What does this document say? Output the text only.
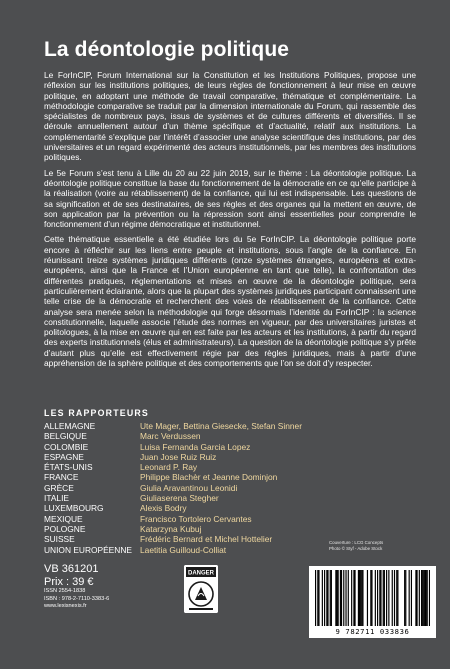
La déontologie politique

Le ForInCIP, Forum International sur la Constitution et les Institutions Politiques, propose une réflexion sur les institutions politiques, de leurs règles de fonctionnement à leur mise en œuvre politique, en adoptant une méthode de travail comparative, thématique et complémentaire. La méthodologie comparative se traduit par la dimension internationale du Forum, qui rassemble des spécialistes de nombreux pays, issus de systèmes et de cultures différents et diversifiés. Il se déroule annuellement autour d’un thème spécifique et d’actualité, relatif aux institutions. La complémentarité s’explique par l’intérêt d’associer une analyse scientifique des institutions, par des universitaires et un regard expérimenté des acteurs institutionnels, par les membres des institutions politiques.

Le 5e Forum s’est tenu à Lille du 20 au 22 juin 2019, sur le thème : La déontologie politique. La déontologie politique constitue la base du fonctionnement de la démocratie en ce qu’elle participe à la réalisation (voire au rétablissement) de la confiance, qui lui est indispensable. Les questions de sa signification et de ses destinataires, de ses règles et des organes qui la mettent en œuvre, de son application par la prévention ou la répression sont ainsi essentielles pour comprendre le fonctionnement d’un régime démocratique et institutionnel.

Cette thématique essentielle a été étudiée lors du 5e ForInCIP. La déontologie politique porte encore à réfléchir sur les liens entre peuple et institutions, sous l’angle de la confiance. En réunissant treize systèmes juridiques différents (onze systèmes étrangers, européens et extra-européens, ainsi que la France et l’Union européenne en tant que telle), la confrontation des différentes pratiques, réglementations et mises en œuvre de la déontologie politique, sera particulièrement éclairante, alors que la plupart des systèmes juridiques participant connaissent une telle crise de la démocratie et recherchent des voies de rétablissement de la confiance. Cette analyse sera menée selon la méthodologie qui forge désormais l’identité du ForInCIP : la science constitutionnelle, laquelle associe l’étude des normes en vigueur, par des universitaires juristes et politologues, à la mise en œuvre qui en est faite par les acteurs et les institutions, à partir du regard des experts institutionnels (élus et administrateurs). La question de la déontologie politique s’y prête d’autant plus qu’elle est effectivement régie par des règles juridiques, mais à partir d’une appréhension de la sphère politique et des comportements que l’on se doit d’y respecter.

LES RAPPORTEURS
ALLEMAGNE	Ute Mager, Bettina Giesecke, Stefan Sinner
BELGIQUE	Marc Verdussen
COLOMBIE	Luisa Fernanda Garcia Lopez
ESPAGNE	Juan Jose Ruiz Ruiz
ÉTATS-UNIS	Leonard P. Ray
FRANCE	Philippe Blachèr et Jeanne Dominjon
GRÈCE	Giulia Aravantinou Leonidi
ITALIE	Giuliaserena Stegher
LUXEMBOURG	Alexis Bodry
MEXIQUE	Francisco Tortolero Cervantes
POLOGNE	Katarzyna Kubuj
SUISSE	Frédéric Bernard et Michel Hottelier
UNION EUROPÉENNE Laetitia Guilloud-Colliat
Couverture : LCG Concepts
Photo © Styf - Adobe Stock
VB 361201
Prix : 39 €
ISSN 2554-1838
ISBN : 978-2-7110-3383-6
www.lexisnexis.fr
DANGER
9 782711 033836
